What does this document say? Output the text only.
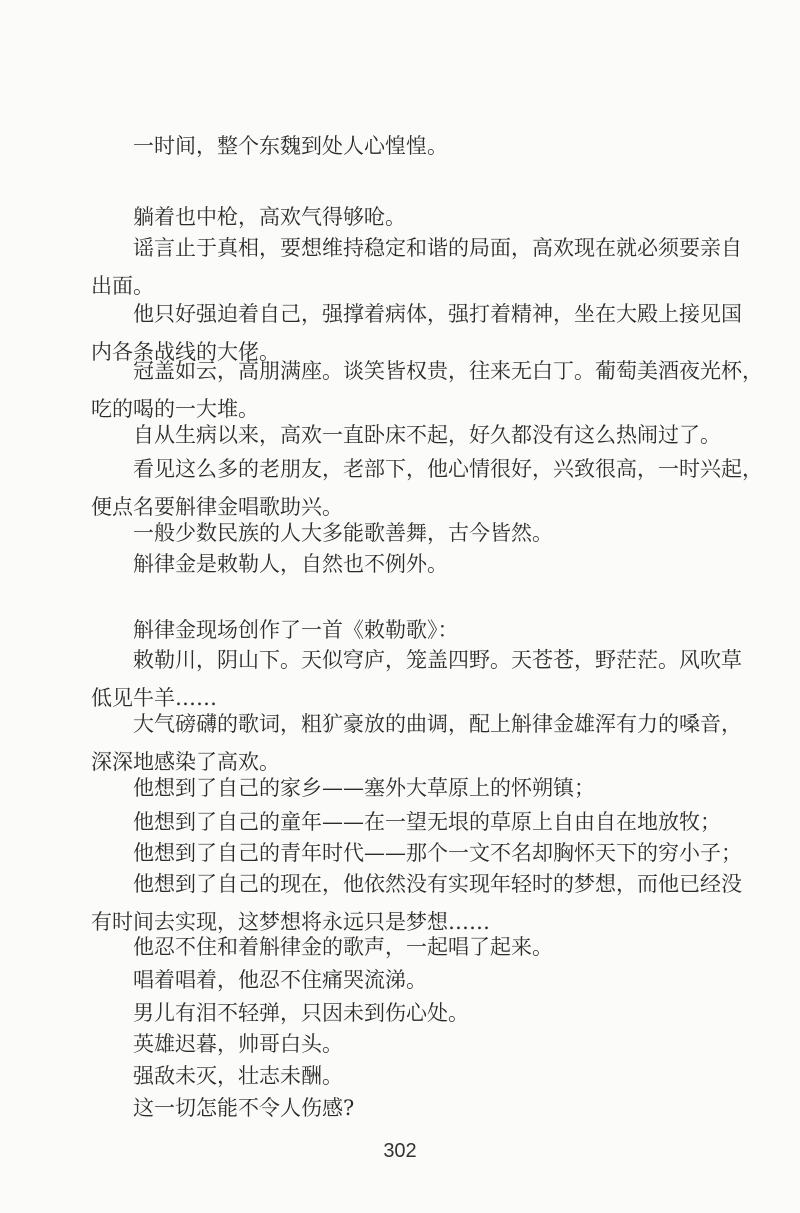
一时间，整个东魏到处人心惶惶。
躺着也中枪，高欢气得够呛。
谣言止于真相，要想维持稳定和谐的局面，高欢现在就必须要亲自
出面。
他只好强迫着自己，强撑着病体，强打着精神，坐在大殿上接见国
内各条战线的大佬。
冠盖如云，高朋满座。谈笑皆权贵，往来无白丁。葡萄美酒夜光杯，
吃的喝的一大堆。
自从生病以来，高欢一直卧床不起，好久都没有这么热闹过了。
看见这么多的老朋友，老部下，他心情很好，兴致很高，一时兴起，
便点名要斛律金唱歌助兴。
一般少数民族的人大多能歌善舞，古今皆然。
斛律金是敕勒人，自然也不例外。
斛律金现场创作了一首《敕勒歌》：
敕勒川，阴山下。天似穹庐，笼盖四野。天苍苍，野茫茫。风吹草
低见牛羊……
大气磅礴的歌词，粗犷豪放的曲调，配上斛律金雄浑有力的嗓音，
深深地感染了高欢。
他想到了自己的家乡——塞外大草原上的怀朔镇；
他想到了自己的童年——在一望无垠的草原上自由自在地放牧；
他想到了自己的青年时代——那个一文不名却胸怀天下的穷小子；
他想到了自己的现在，他依然没有实现年轻时的梦想，而他已经没
有时间去实现，这梦想将永远只是梦想……
他忍不住和着斛律金的歌声，一起唱了起来。
唱着唱着，他忍不住痛哭流涕。
男儿有泪不轻弹，只因未到伤心处。
英雄迟暮，帅哥白头。
强敌未灭，壮志未酬。
这一切怎能不令人伤感?
302
